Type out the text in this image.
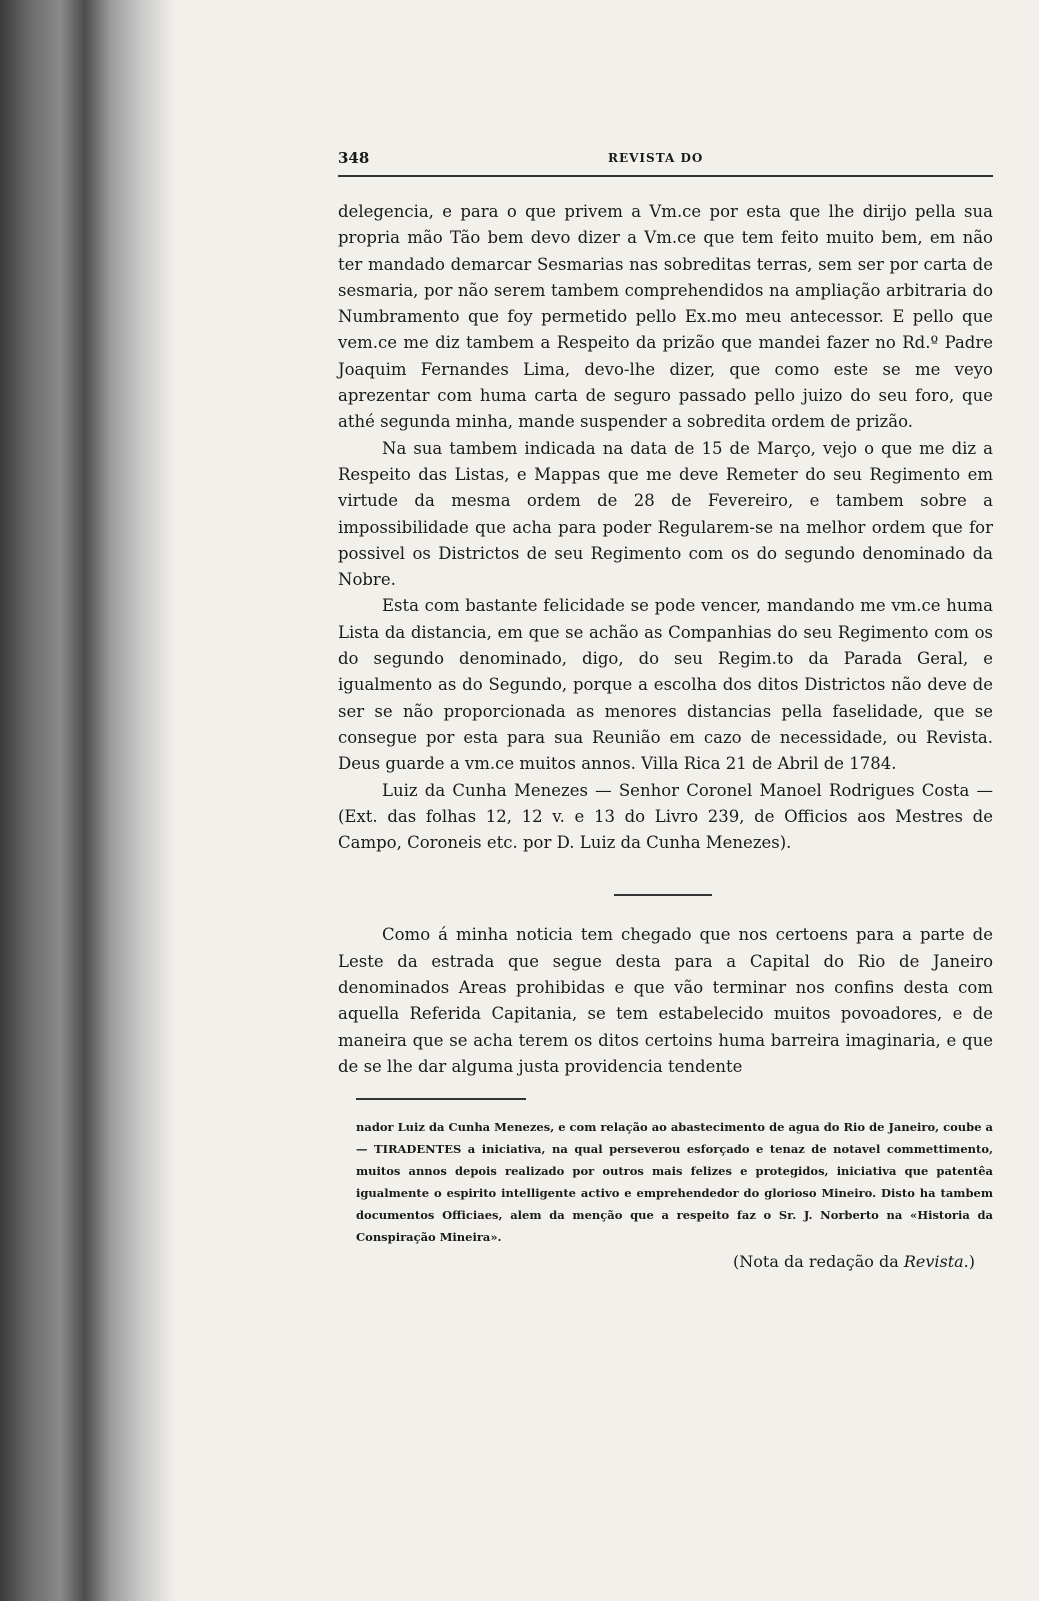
348	REVISTA DO

delegencia, e para o que privem a Vm.ce por esta que lhe dirijo pella sua propria mão Tão bem devo dizer a Vm.ce que tem feito muito bem, em não ter mandado demarcar Sesmarias nas sobreditas terras, sem ser por carta de sesmaria, por não serem tambem comprehendidos na ampliação arbitraria do Numbramento que foy permetido pello Ex.mo meu antecessor. E pello que vem.ce me diz tambem a Respeito da prizão que mandei fazer no Rd.º Padre Joaquim Fernandes Lima, devo-lhe dizer, que como este se me veyo aprezentar com huma carta de seguro passado pello juizo do seu foro, que athé segunda minha, mande suspender a sobredita ordem de prizão.

Na sua tambem indicada na data de 15 de Março, vejo o que me diz a Respeito das Listas, e Mappas que me deve Remeter do seu Regimento em virtude da mesma ordem de 28 de Fevereiro, e tambem sobre a impossibilidade que acha para poder Regularem-se na melhor ordem que for possivel os Districtos de seu Regimento com os do segundo denominado da Nobre.

Esta com bastante felicidade se pode vencer, mandando me vm.ce huma Lista da distancia, em que se achão as Companhias do seu Regimento com os do segundo denominado, digo, do seu Regim.to da Parada Geral, e igualmento as do Segundo, porque a escolha dos ditos Districtos não deve de ser se não proporcionada as menores distancias pella faselidade, que se consegue por esta para sua Reunião em cazo de necessidade, ou Revista. Deus guarde a vm.ce muitos annos. Villa Rica 21 de Abril de 1784.

Luiz da Cunha Menezes — Senhor Coronel Manoel Rodrigues Costa —(Ext. das folhas 12, 12 v. e 13 do Livro 239, de Officios aos Mestres de Campo, Coroneis etc. por D. Luiz da Cunha Menezes).

Como á minha noticia tem chegado que nos certoens para a parte de Leste da estrada que segue desta para a Capital do Rio de Janeiro denominados Areas prohibidas e que vão terminar nos confins desta com aquella Referida Capitania, se tem estabelecido muitos povoadores, e de maneira que se acha terem os ditos certoins huma barreira imaginaria, e que de se lhe dar alguma justa providencia tendente

nador Luiz da Cunha Menezes, e com relação ao abastecimento de agua do Rio de Janeiro, coube a — TIRADENTES a iniciativa, na qual perseverou esforçado e tenaz de notavel commettimento, muitos annos depois realizado por outros mais felizes e protegidos, iniciativa que patentêa igualmente o espirito intelligente activo e emprehendedor do glorioso Mineiro. Disto ha tambem documentos Officiaes, alem da menção que a respeito faz o Sr. J. Norberto na «Historia da Conspiração Mineira».

(Nota da redação da Revista.)
